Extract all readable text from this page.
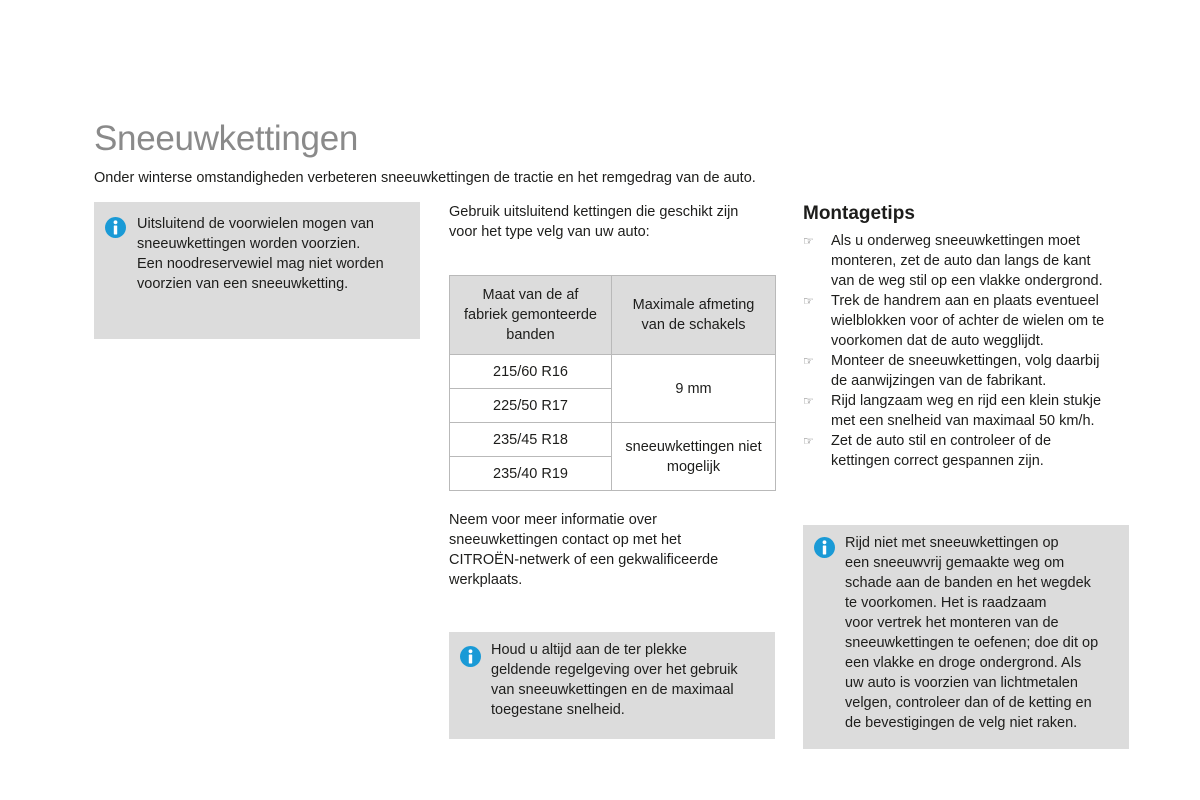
Sneeuwkettingen

Onder winterse omstandigheden verbeteren sneeuwkettingen de tractie en het remgedrag van de auto.

Uitsluitend de voorwielen mogen van
sneeuwkettingen worden voorzien.
Een noodreservewiel mag niet worden
voorzien van een sneeuwketting.

Gebruik uitsluitend kettingen die geschikt zijn
voor het type velg van uw auto:

Maat van de af
fabriek gemonteerde
banden	Maximale afmeting
van de schakels
215/60 R16	9 mm
225/50 R17	
235/45 R18	sneeuwkettingen niet
mogelijk
235/40 R19	

Neem voor meer informatie over
sneeuwkettingen contact op met het
CITROËN-netwerk of een gekwalificeerde
werkplaats.

Houd u altijd aan de ter plekke
geldende regelgeving over het gebruik
van sneeuwkettingen en de maximaal
toegestane snelheid.

Montagetips
☞ Als u onderweg sneeuwkettingen moet
monteren, zet de auto dan langs de kant
van de weg stil op een vlakke ondergrond.
☞ Trek de handrem aan en plaats eventueel
wielblokken voor of achter de wielen om te
voorkomen dat de auto wegglijdt.
☞ Monteer de sneeuwkettingen, volg daarbij
de aanwijzingen van de fabrikant.
☞ Rijd langzaam weg en rijd een klein stukje
met een snelheid van maximaal 50 km/h.
☞ Zet de auto stil en controleer of de
kettingen correct gespannen zijn.

Rijd niet met sneeuwkettingen op
een sneeuwvrij gemaakte weg om
schade aan de banden en het wegdek
te voorkomen. Het is raadzaam
voor vertrek het monteren van de
sneeuwkettingen te oefenen; doe dit op
een vlakke en droge ondergrond. Als
uw auto is voorzien van lichtmetalen
velgen, controleer dan of de ketting en
de bevestigingen de velg niet raken.
